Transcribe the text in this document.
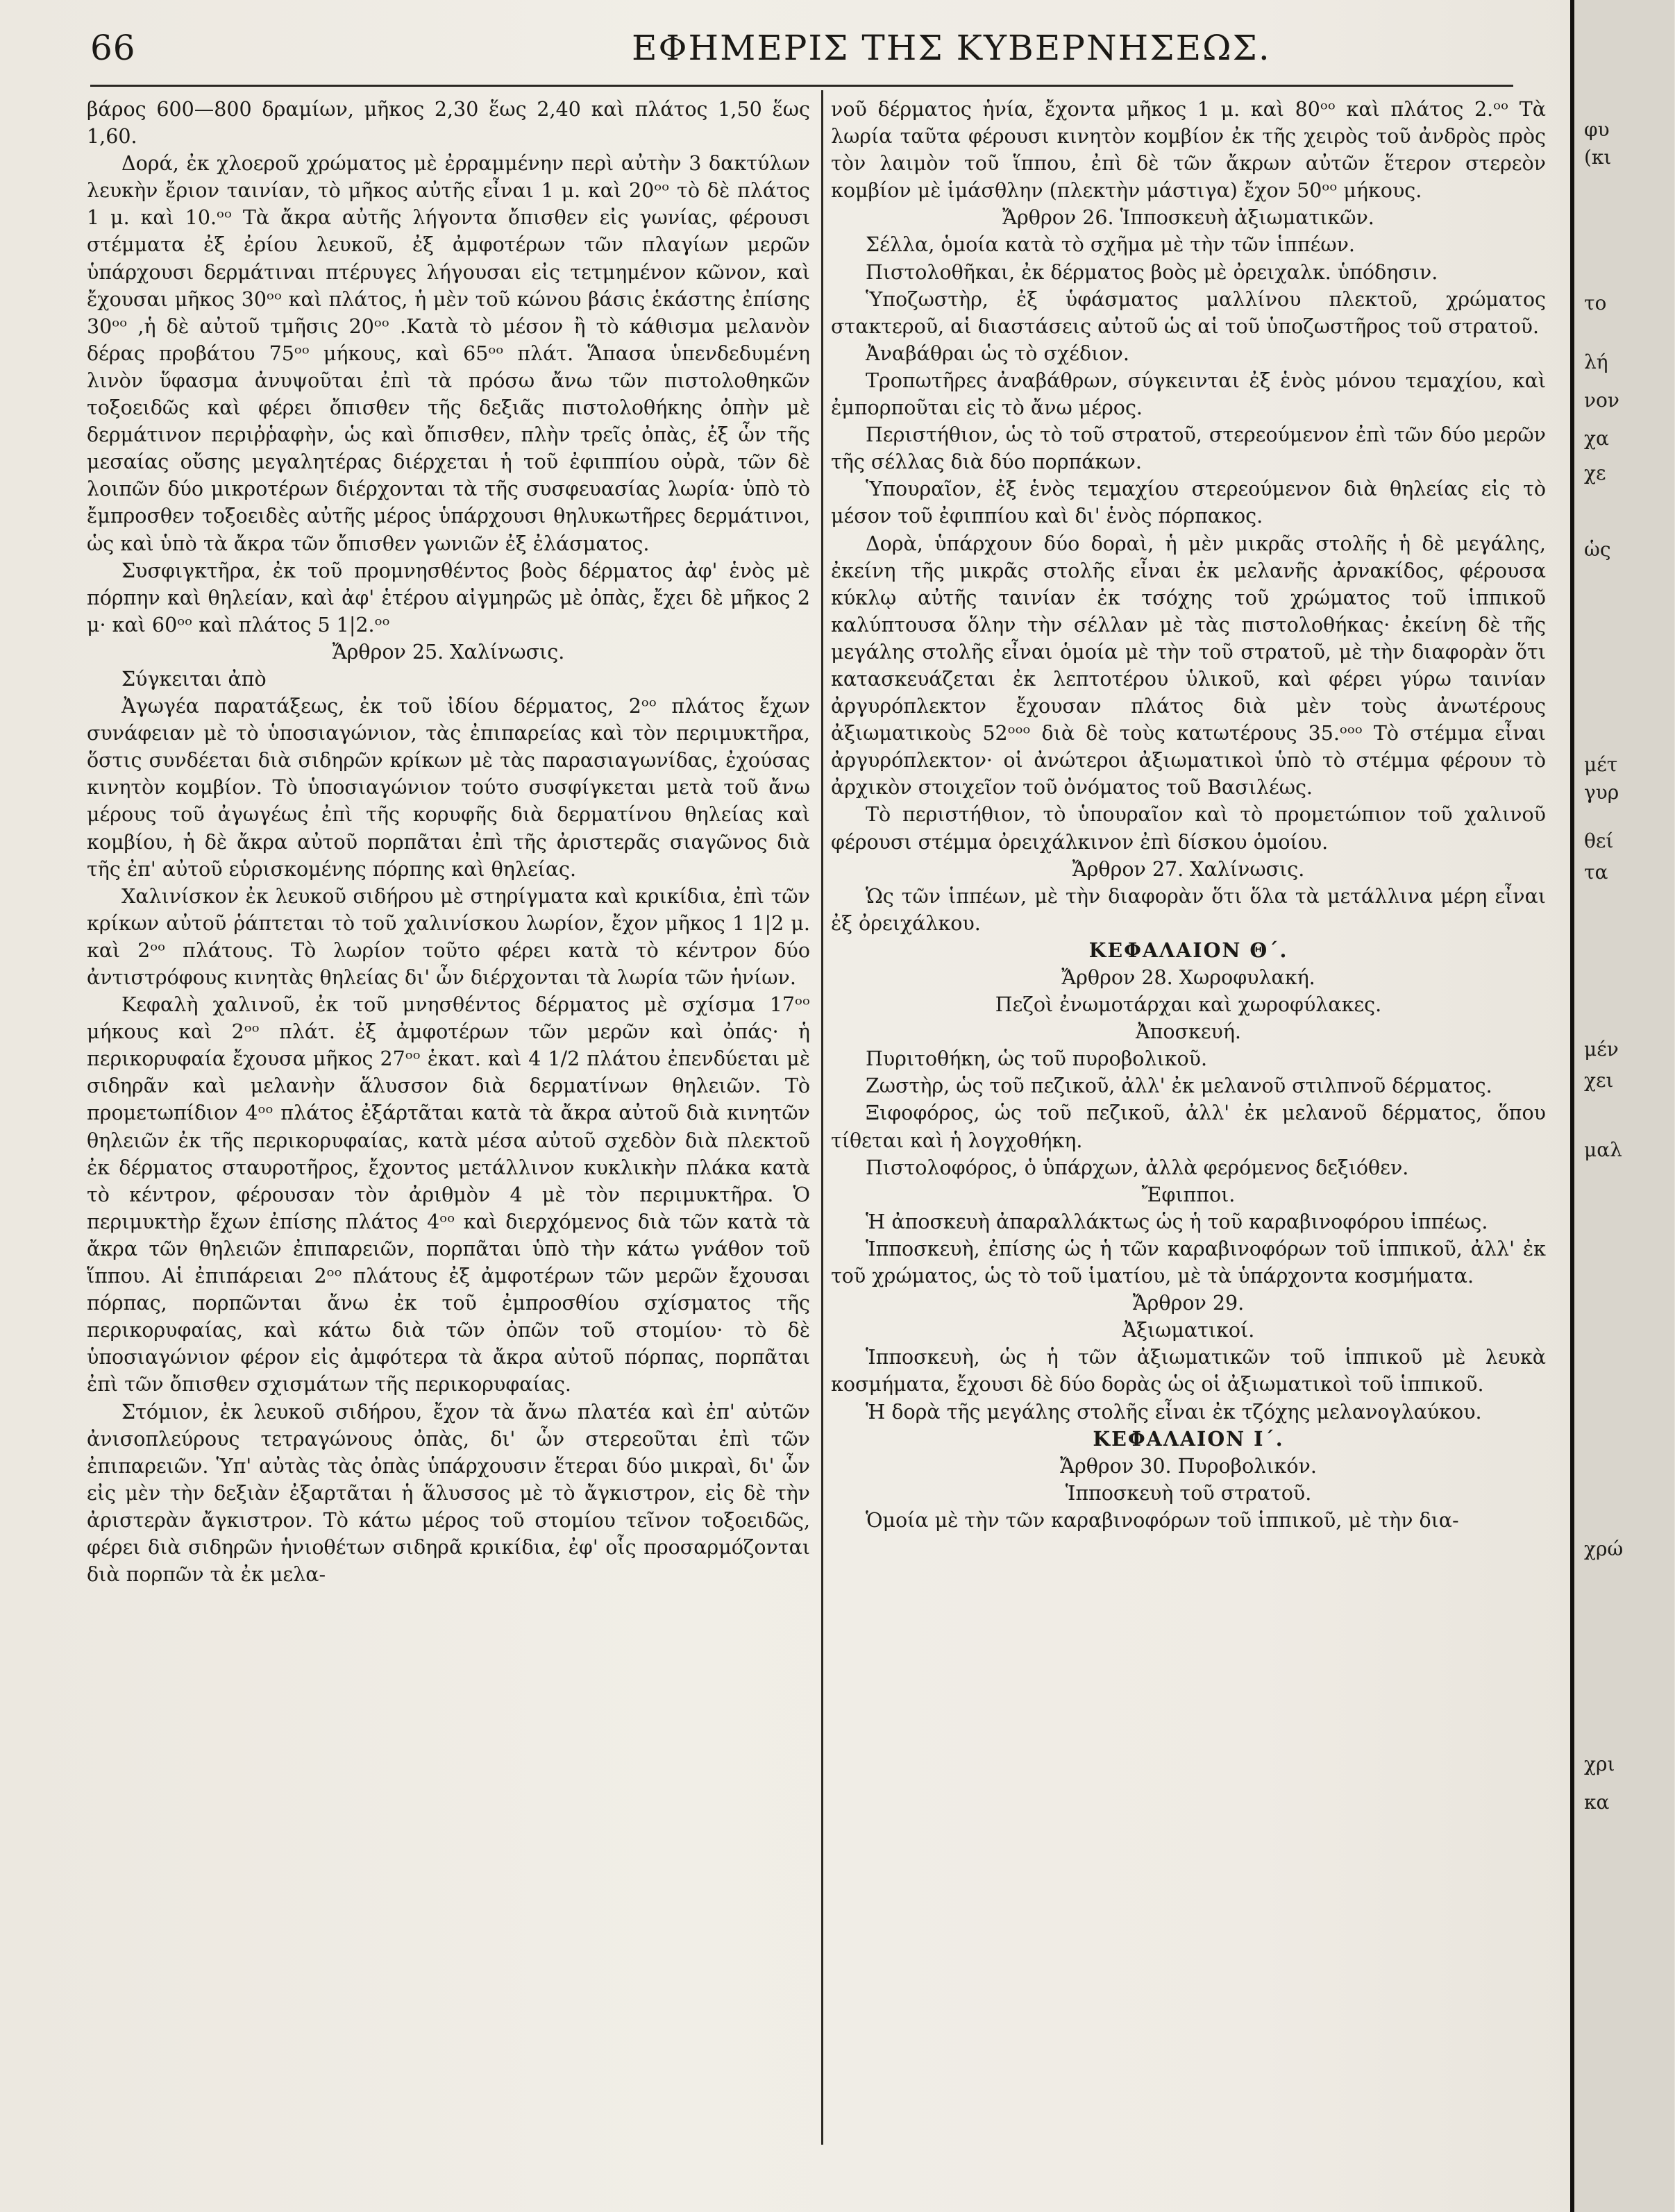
66	ΕΦΗΜΕΡΙΣ ΤΗΣ ΚΥΒΕΡΝΗΣΕΩΣ.

βάρος 600—800 δραμίων, μῆκος 2,30 ἕως 2,40 καὶ πλάτος 1,50 ἕως 1,60.

Δορά, ἐκ χλοεροῦ χρώματος μὲ ἐρραμμένην περὶ αὐτὴν 3 δακτύλων λευκὴν ἔριον ταινίαν, τὸ μῆκος αὐτῆς εἶναι 1 μ. καὶ 20ᵒᵒ τὸ δὲ πλάτος 1 μ. καὶ 10.ᵒᵒ Τὰ ἄκρα αὐτῆς λήγοντα ὄπισθεν εἰς γωνίας, φέρουσι στέμματα ἐξ ἐρίου λευκοῦ, ἐξ ἀμφοτέρων τῶν πλαγίων μερῶν ὑπάρχουσι δερμάτιναι πτέρυγες λήγουσαι εἰς τετμημένον κῶνον, καὶ ἔχουσαι μῆκος 30ᵒᵒ καὶ πλάτος, ἡ μὲν τοῦ κώνου βάσις ἑκάστης ἐπίσης 30ᵒᵒ ,ἡ δὲ αὐτοῦ τμῆσις 20ᵒᵒ .Κατὰ τὸ μέσον ἢ τὸ κάθισμα μελανὸν δέρας προβάτου 75ᵒᵒ μήκους, καὶ 65ᵒᵒ πλάτ. Ἅπασα ὑπενδεδυμένη λινὸν ὕφασμα ἀνυψοῦται ἐπὶ τὰ πρόσω ἄνω τῶν πιστολοθηκῶν τοξοειδῶς καὶ φέρει ὄπισθεν τῆς δεξιᾶς πιστολοθήκης ὀπὴν μὲ δερμάτινον περιῤῥαφὴν, ὡς καὶ ὄπισθεν, πλὴν τρεῖς ὀπὰς, ἐξ ὧν τῆς μεσαίας οὔσης μεγαλητέρας διέρχεται ἡ τοῦ ἐφιππίου οὐρὰ, τῶν δὲ λοιπῶν δύο μικροτέρων διέρχονται τὰ τῆς συσφευασίας λωρία· ὑπὸ τὸ ἔμπροσθεν τοξοειδὲς αὐτῆς μέρος ὑπάρχουσι θηλυκωτῆρες δερμάτινοι, ὡς καὶ ὑπὸ τὰ ἄκρα τῶν ὄπισθεν γωνιῶν ἐξ ἐλάσματος.

Συσφιγκτῆρα, ἐκ τοῦ προμνησθέντος βοὸς δέρματος ἀφ' ἑνὸς μὲ πόρπην καὶ θηλείαν, καὶ ἀφ' ἑτέρου αἰγμηρῶς μὲ ὀπὰς, ἔχει δὲ μῆκος 2 μ· καὶ 60ᵒᵒ καὶ πλάτος 5 1|2.ᵒᵒ

Ἄρθρον 25. Χαλίνωσις.

Σύγκειται ἀπὸ

Ἀγωγέα παρατάξεως, ἐκ τοῦ ἰδίου δέρματος, 2ᵒᵒ πλάτος ἔχων συνάφειαν μὲ τὸ ὑποσιαγώνιον, τὰς ἐπιπαρείας καὶ τὸν περιμυκτῆρα, ὅστις συνδέεται διὰ σιδηρῶν κρίκων μὲ τὰς παρασιαγωνίδας, ἐχούσας κινητὸν κομβίον. Τὸ ὑποσιαγώνιον τούτο συσφίγκεται μετὰ τοῦ ἄνω μέρους τοῦ ἀγωγέως ἐπὶ τῆς κορυφῆς διὰ δερματίνου θηλείας καὶ κομβίου, ἡ δὲ ἄκρα αὐτοῦ πορπᾶται ἐπὶ τῆς ἀριστερᾶς σιαγῶνος διὰ τῆς ἐπ' αὐτοῦ εὑρισκομένης πόρπης καὶ θηλείας.

Χαλινίσκον ἐκ λευκοῦ σιδήρου μὲ στηρίγματα καὶ κρικίδια, ἐπὶ τῶν κρίκων αὐτοῦ ῥάπτεται τὸ τοῦ χαλινίσκου λωρίον, ἔχον μῆκος 1 1|2 μ. καὶ 2ᵒᵒ πλάτους. Τὸ λωρίον τοῦτο φέρει κατὰ τὸ κέντρον δύο ἀντιστρόφους κινητὰς θηλείας δι' ὧν διέρχονται τὰ λωρία τῶν ἡνίων.

Κεφαλὴ χαλινοῦ, ἐκ τοῦ μνησθέντος δέρματος μὲ σχίσμα 17ᵒᵒ μήκους καὶ 2ᵒᵒ πλάτ. ἐξ ἀμφοτέρων τῶν μερῶν καὶ ὀπάς· ἡ περικορυφαία ἔχουσα μῆκος 27ᵒᵒ ἑκατ. καὶ 4 1/2 πλάτου ἐπενδύεται μὲ σιδηρᾶν καὶ μελανὴν ἅλυσσον διὰ δερματίνων θηλειῶν. Τὸ προμετωπίδιον 4ᵒᵒ πλάτος ἐξάρτᾶται κατὰ τὰ ἄκρα αὐτοῦ διὰ κινητῶν θηλειῶν ἐκ τῆς περικορυφαίας, κατὰ μέσα αὐτοῦ σχεδὸν διὰ πλεκτοῦ ἐκ δέρματος σταυροτῆρος, ἔχοντος μετάλλινον κυκλικὴν πλάκα κατὰ τὸ κέντρον, φέρουσαν τὸν ἀριθμὸν 4 μὲ τὸν περιμυκτῆρα. Ὁ περιμυκτὴρ ἔχων ἐπίσης πλάτος 4ᵒᵒ καὶ διερχόμενος διὰ τῶν κατὰ τὰ ἄκρα τῶν θηλειῶν ἐπιπαρειῶν, πορπᾶται ὑπὸ τὴν κάτω γνάθον τοῦ ἵππου. Αἱ ἐπιπάρειαι 2ᵒᵒ πλάτους ἐξ ἀμφοτέρων τῶν μερῶν ἔχουσαι πόρπας, πορπῶνται ἄνω ἐκ τοῦ ἐμπροσθίου σχίσματος τῆς περικορυφαίας, καὶ κάτω διὰ τῶν ὀπῶν τοῦ στομίου· τὸ δὲ ὑποσιαγώνιον φέρον εἰς ἀμφότερα τὰ ἄκρα αὐτοῦ πόρπας, πορπᾶται ἐπὶ τῶν ὄπισθεν σχισμάτων τῆς περικορυφαίας.

Στόμιον, ἐκ λευκοῦ σιδήρου, ἔχον τὰ ἄνω πλατέα καὶ ἐπ' αὐτῶν ἀνισοπλεύρους τετραγώνους ὀπὰς, δι' ὧν στερεοῦται ἐπὶ τῶν ἐπιπαρειῶν. Ὑπ' αὐτὰς τὰς ὀπὰς ὑπάρχουσιν ἕτεραι δύο μικραὶ, δι' ὧν εἰς μὲν τὴν δεξιὰν ἐξαρτᾶται ἡ ἅλυσσος μὲ τὸ ἄγκιστρον, εἰς δὲ τὴν ἀριστερὰν ἄγκιστρον. Τὸ κάτω μέρος τοῦ στομίου τεῖνον τοξοειδῶς, φέρει διὰ σιδηρῶν ἡνιοθέτων σιδηρᾶ κρικίδια, ἐφ' οἷς προσαρμόζονται διὰ πορπῶν τὰ ἐκ μελα-

νοῦ δέρματος ἡνία, ἔχοντα μῆκος 1 μ. καὶ 80ᵒᵒ καὶ πλάτος 2.ᵒᵒ Τὰ λωρία ταῦτα φέρουσι κινητὸν κομβίον ἐκ τῆς χειρὸς τοῦ ἀνδρὸς πρὸς τὸν λαιμὸν τοῦ ἵππου, ἐπὶ δὲ τῶν ἄκρων αὐτῶν ἕτερον στερεὸν κομβίον μὲ ἱμάσθλην (πλεκτὴν μάστιγα) ἔχον 50ᵒᵒ μήκους.

Ἄρθρον 26. Ἱπποσκευὴ ἀξιωματικῶν.

Σέλλα, ὁμοία κατὰ τὸ σχῆμα μὲ τὴν τῶν ἱππέων.

Πιστολοθῆκαι, ἐκ δέρματος βοὸς μὲ ὀρειχαλκ. ὑπόδησιν.

Ὑποζωστὴρ, ἐξ ὑφάσματος μαλλίνου πλεκτοῦ, χρώματος στακτεροῦ, αἱ διαστάσεις αὐτοῦ ὡς αἱ τοῦ ὑποζωστῆρος τοῦ στρατοῦ.

Ἀναβάθραι ὡς τὸ σχέδιον.

Τροπωτῆρες ἀναβάθρων, σύγκεινται ἐξ ἑνὸς μόνου τεμαχίου, καὶ ἐμπορποῦται εἰς τὸ ἄνω μέρος.

Περιστήθιον, ὡς τὸ τοῦ στρατοῦ, στερεούμενον ἐπὶ τῶν δύο μερῶν τῆς σέλλας διὰ δύο πορπάκων.

Ὑπουραῖον, ἐξ ἑνὸς τεμαχίου στερεούμενον διὰ θηλείας εἰς τὸ μέσον τοῦ ἐφιππίου καὶ δι' ἑνὸς πόρπακος.

Δορὰ, ὑπάρχουν δύο δοραὶ, ἡ μὲν μικρᾶς στολῆς ἡ δὲ μεγάλης, ἐκείνη τῆς μικρᾶς στολῆς εἶναι ἐκ μελανῆς ἀρνακίδος, φέρουσα κύκλῳ αὐτῆς ταινίαν ἐκ τσόχης τοῦ χρώματος τοῦ ἱππικοῦ καλύπτουσα ὅλην τὴν σέλλαν μὲ τὰς πιστολοθήκας· ἐκείνη δὲ τῆς μεγάλης στολῆς εἶναι ὁμοία μὲ τὴν τοῦ στρατοῦ, μὲ τὴν διαφορὰν ὅτι κατασκευάζεται ἐκ λεπτοτέρου ὑλικοῦ, καὶ φέρει γύρω ταινίαν ἀργυρόπλεκτον ἔχουσαν πλάτος διὰ μὲν τοὺς ἀνωτέρους ἀξιωματικοὺς 52ᵒᵒᵒ διὰ δὲ τοὺς κατωτέρους 35.ᵒᵒᵒ Τὸ στέμμα εἶναι ἀργυρόπλεκτον· οἱ ἀνώτεροι ἀξιωματικοὶ ὑπὸ τὸ στέμμα φέρουν τὸ ἀρχικὸν στοιχεῖον τοῦ ὀνόματος τοῦ Βασιλέως.

Τὸ περιστήθιον, τὸ ὑπουραῖον καὶ τὸ προμετώπιον τοῦ χαλινοῦ φέρουσι στέμμα ὀρειχάλκινον ἐπὶ δίσκου ὁμοίου.

Ἄρθρον 27. Χαλίνωσις.

Ὡς τῶν ἱππέων, μὲ τὴν διαφορὰν ὅτι ὅλα τὰ μετάλλινα μέρη εἶναι ἐξ ὀρειχάλκου.

ΚΕΦΑΛΑΙΟΝ Θ΄.

Ἄρθρον 28. Χωροφυλακή.

Πεζοὶ ἐνωμοτάρχαι καὶ χωροφύλακες.

Ἀποσκευή.

Πυριτοθήκη, ὡς τοῦ πυροβολικοῦ.

Ζωστὴρ, ὡς τοῦ πεζικοῦ, ἀλλ' ἐκ μελανοῦ στιλπνοῦ δέρματος.

Ξιφοφόρος, ὡς τοῦ πεζικοῦ, ἀλλ' ἐκ μελανοῦ δέρματος, ὅπου τίθεται καὶ ἡ λογχοθήκη.

Πιστολοφόρος, ὁ ὑπάρχων, ἀλλὰ φερόμενος δεξιόθεν.

Ἔφιπποι.

Ἡ ἀποσκευὴ ἀπαραλλάκτως ὡς ἡ τοῦ καραβινοφόρου ἱππέως.

Ἱπποσκευὴ, ἐπίσης ὡς ἡ τῶν καραβινοφόρων τοῦ ἱππικοῦ, ἀλλ' ἐκ τοῦ χρώματος, ὡς τὸ τοῦ ἱματίου, μὲ τὰ ὑπάρχοντα κοσμήματα.

Ἄρθρον 29.

Ἀξιωματικοί.

Ἱπποσκευὴ, ὡς ἡ τῶν ἀξιωματικῶν τοῦ ἱππικοῦ μὲ λευκὰ κοσμήματα, ἔχουσι δὲ δύο δορὰς ὡς οἱ ἀξιωματικοὶ τοῦ ἱππικοῦ.

Ἡ δορὰ τῆς μεγάλης στολῆς εἶναι ἐκ τζόχης μελανογλαύκου.

ΚΕΦΑΛΑΙΟΝ Ι΄.

Ἄρθρον 30. Πυροβολικόν.

Ἱπποσκευὴ τοῦ στρατοῦ.

Ὁμοία μὲ τὴν τῶν καραβινοφόρων τοῦ ἱππικοῦ, μὲ τὴν δια-

φυ
(κι
το
λή
νον
χα
χε
ὡς
μέτ
γυρ
θεί
τα
μέν
χει
μαλ
χρώ
χρι
κα
